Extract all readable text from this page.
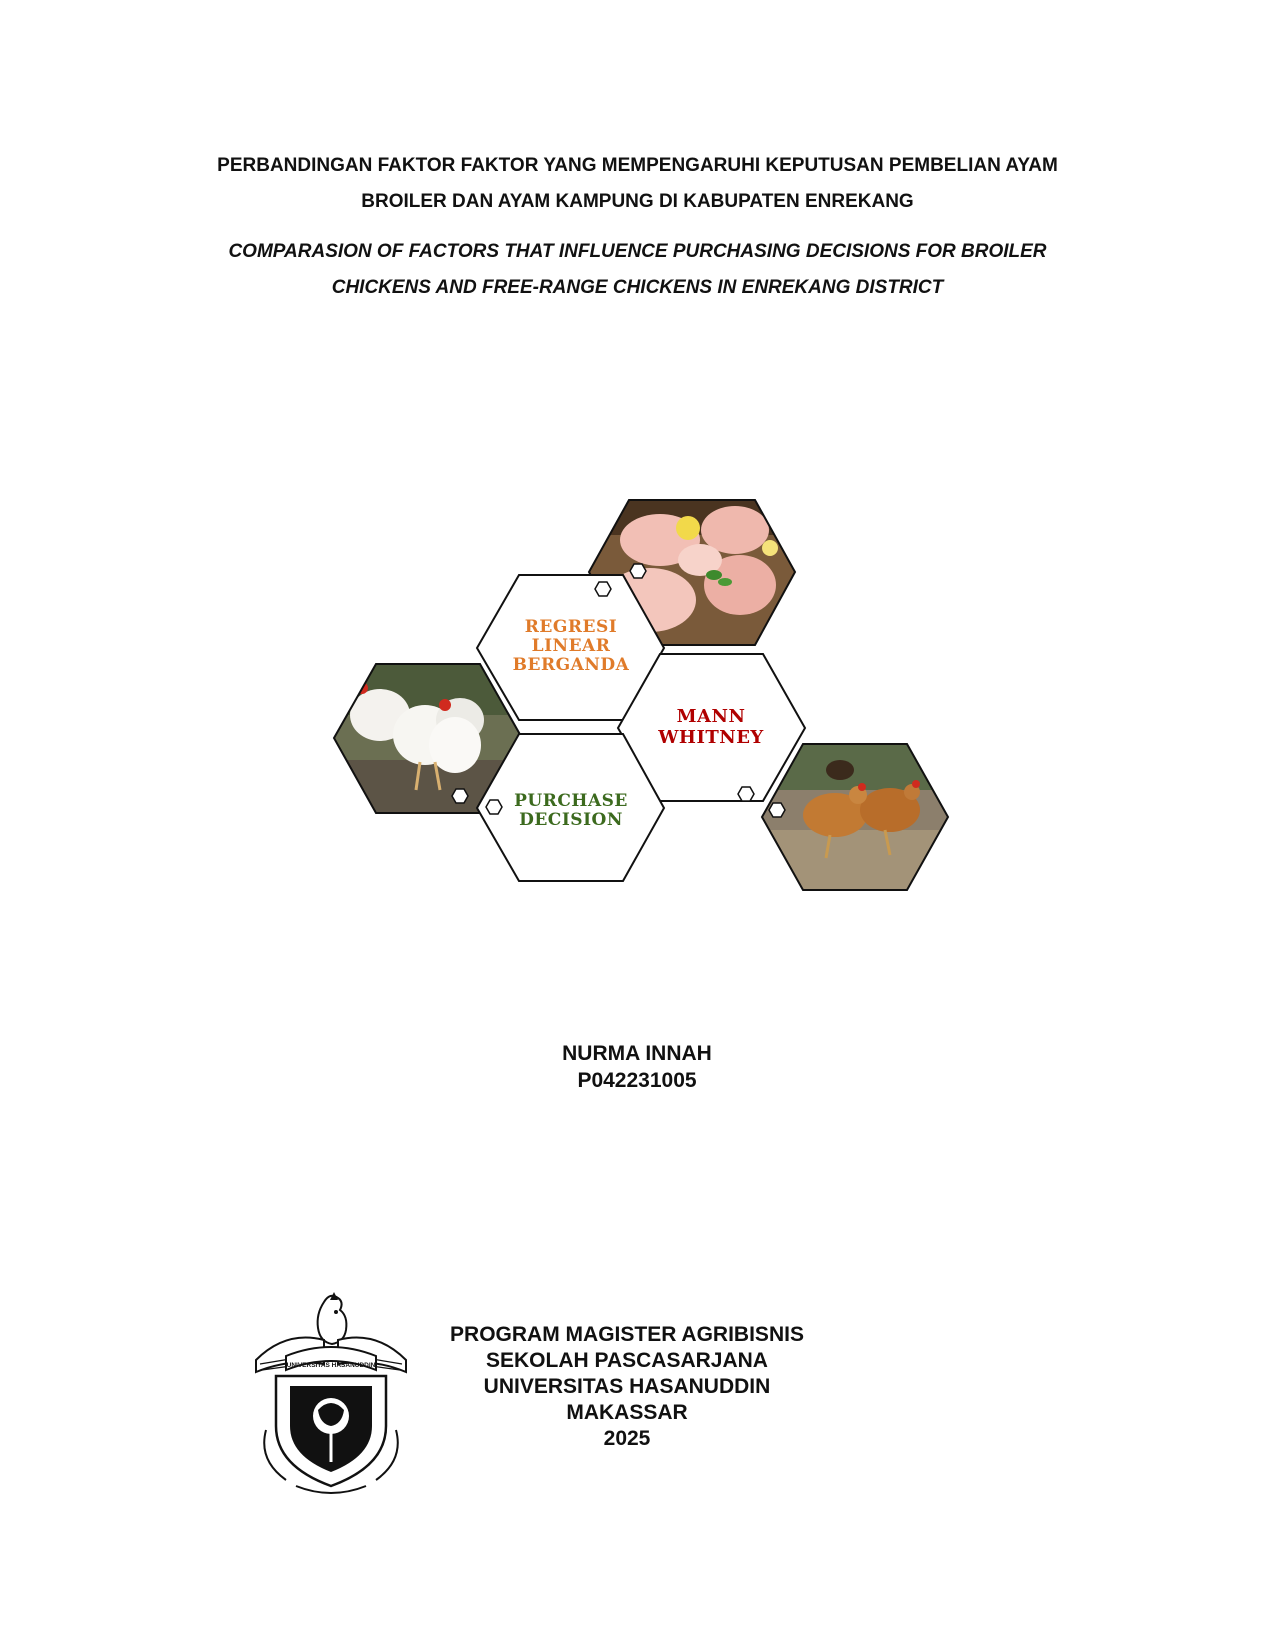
PERBANDINGAN FAKTOR FAKTOR YANG MEMPENGARUHI KEPUTUSAN PEMBELIAN AYAM
BROILER DAN AYAM KAMPUNG DI KABUPATEN ENREKANG
COMPARASION OF FACTORS THAT INFLUENCE PURCHASING DECISIONS FOR BROILER
CHICKENS AND FREE-RANGE CHICKENS IN ENREKANG DISTRICT
REGRESI
LINEAR
BERGANDA
MANN
WHITNEY
PURCHASE
DECISION
NURMA INNAH
P042231005
UNIVERSITAS HASANUDDIN
PROGRAM MAGISTER AGRIBISNIS
SEKOLAH PASCASARJANA
UNIVERSITAS HASANUDDIN
MAKASSAR
2025
